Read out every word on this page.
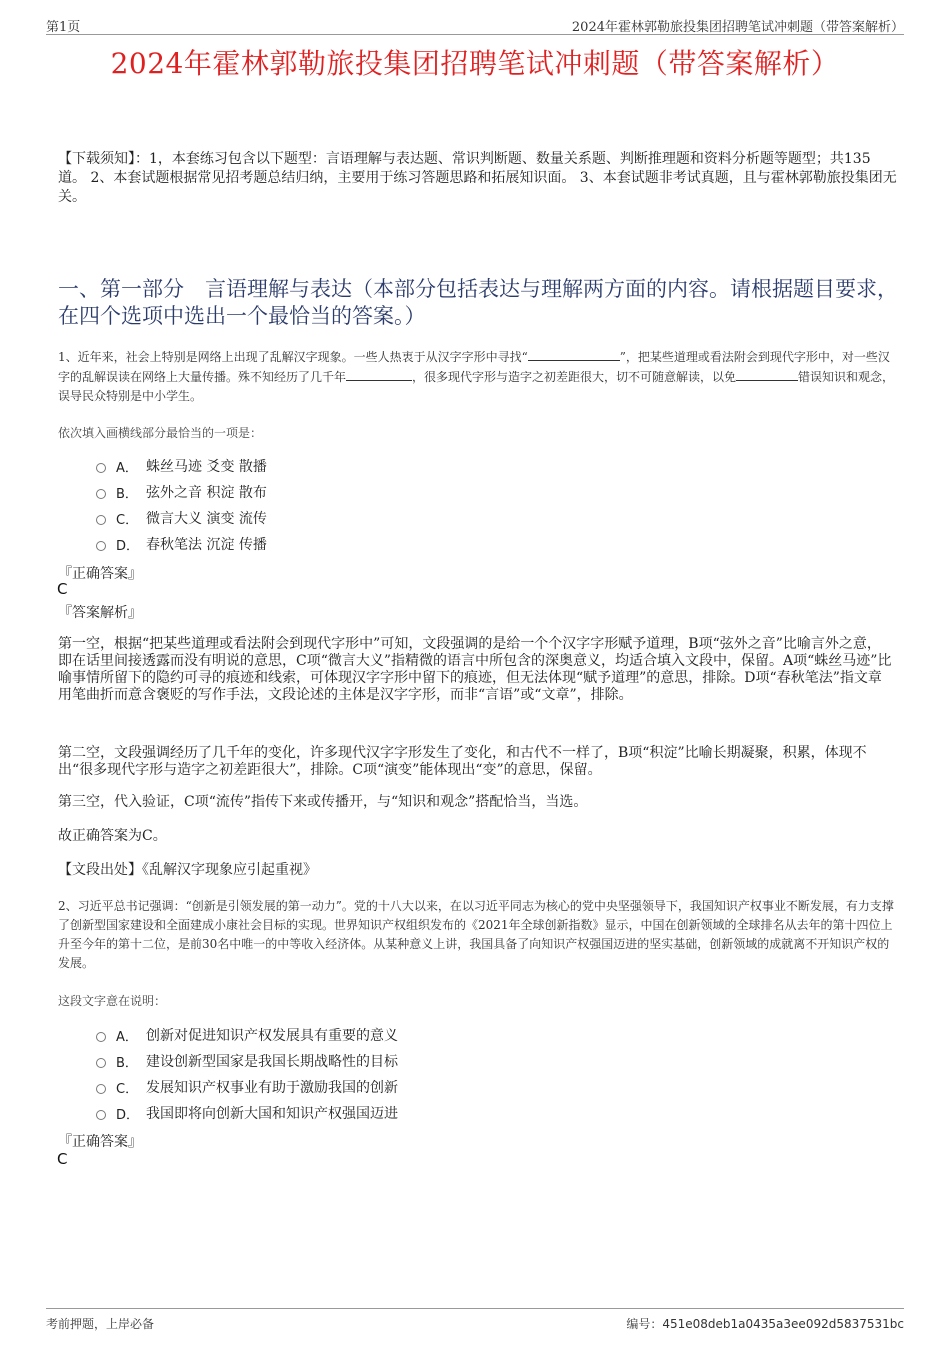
第1页	2024年霍林郭勒旅投集团招聘笔试冲刺题（带答案解析）
2024年霍林郭勒旅投集团招聘笔试冲刺题（带答案解析）
【下载须知】：1，本套练习包含以下题型：言语理解与表达题、常识判断题、数量关系题、判断推理题和资料分析题等题型；共135道。 2、本套试题根据常见招考题总结归纳，主要用于练习答题思路和拓展知识面。 3、本套试题非考试真题，且与霍林郭勒旅投集团无关。
一、第一部分　言语理解与表达（本部分包括表达与理解两方面的内容。请根据题目要求，在四个选项中选出一个最恰当的答案。）
1、近年来，社会上特别是网络上出现了乱解汉字现象。一些人热衷于从汉字字形中寻找“	”，把某些道理或看法附会到现代字形中，对一些汉字的乱解误读在网络上大量传播。殊不知经历了几千年	，很多现代字形与造字之初差距很大，切不可随意解读，以免	错误知识和观念，误导民众特别是中小学生。
依次填入画横线部分最恰当的一项是：
A． 蛛丝马迹 爻变 散播
B． 弦外之音 积淀 散布
C． 微言大义 演变 流传
D． 春秋笔法 沉淀 传播
『正确答案』
C
『答案解析』
第一空，根据“把某些道理或看法附会到现代字形中”可知，文段强调的是给一个个汉字字形赋予道理，B项“弦外之音”比喻言外之意，即在话里间接透露而没有明说的意思，C项“微言大义”指精微的语言中所包含的深奥意义，均适合填入文段中，保留。A项“蛛丝马迹”比喻事情所留下的隐约可寻的痕迹和线索，可体现汉字字形中留下的痕迹，但无法体现“赋予道理”的意思，排除。D项“春秋笔法”指文章用笔曲折而意含褒贬的写作手法，文段论述的主体是汉字字形，而非“言语”或“文章”，排除。
第二空，文段强调经历了几千年的变化，许多现代汉字字形发生了变化，和古代不一样了，B项“积淀”比喻长期凝聚，积累，体现不出“很多现代字形与造字之初差距很大”，排除。C项“演变”能体现出“变”的意思，保留。
第三空，代入验证，C项“流传”指传下来或传播开，与“知识和观念”搭配恰当，当选。
故正确答案为C。
【文段出处】《乱解汉字现象应引起重视》
2、习近平总书记强调：“创新是引领发展的第一动力”。党的十八大以来，在以习近平同志为核心的党中央坚强领导下，我国知识产权事业不断发展，有力支撑了创新型国家建设和全面建成小康社会目标的实现。世界知识产权组织发布的《2021年全球创新指数》显示，中国在创新领域的全球排名从去年的第十四位上升至今年的第十二位，是前30名中唯一的中等收入经济体。从某种意义上讲，我国具备了向知识产权强国迈进的坚实基础，创新领域的成就离不开知识产权的发展。
这段文字意在说明：
A． 创新对促进知识产权发展具有重要的意义
B． 建设创新型国家是我国长期战略性的目标
C． 发展知识产权事业有助于激励我国的创新
D． 我国即将向创新大国和知识产权强国迈进
『正确答案』
C
考前押题，上岸必备	编号：451e08deb1a0435a3ee092d5837531bc
